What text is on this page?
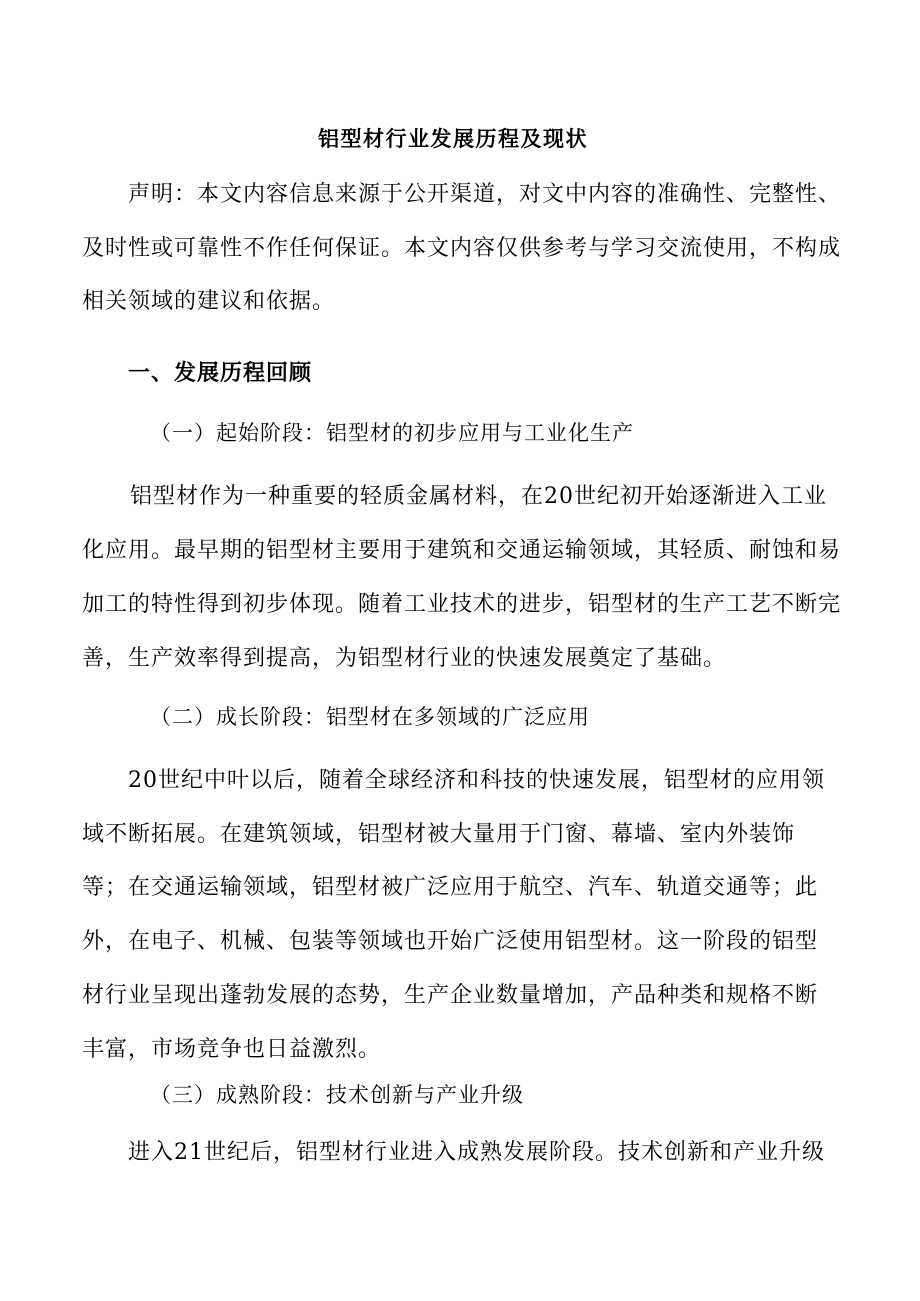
铝型材行业发展历程及现状
声明：本文内容信息来源于公开渠道，对文中内容的准确性、完整性、
及时性或可靠性不作任何保证。本文内容仅供参考与学习交流使用，不构成
相关领域的建议和依据。
一、发展历程回顾
（一）起始阶段：铝型材的初步应用与工业化生产
铝型材作为一种重要的轻质金属材料，在20世纪初开始逐渐进入工业
化应用。最早期的铝型材主要用于建筑和交通运输领域，其轻质、耐蚀和易
加工的特性得到初步体现。随着工业技术的进步，铝型材的生产工艺不断完
善，生产效率得到提高，为铝型材行业的快速发展奠定了基础。
（二）成长阶段：铝型材在多领域的广泛应用
20世纪中叶以后，随着全球经济和科技的快速发展，铝型材的应用领
域不断拓展。在建筑领域，铝型材被大量用于门窗、幕墙、室内外装饰
等；在交通运输领域，铝型材被广泛应用于航空、汽车、轨道交通等；此
外，在电子、机械、包装等领域也开始广泛使用铝型材。这一阶段的铝型
材行业呈现出蓬勃发展的态势，生产企业数量增加，产品种类和规格不断
丰富，市场竞争也日益激烈。
（三）成熟阶段：技术创新与产业升级
进入21世纪后，铝型材行业进入成熟发展阶段。技术创新和产业升级
